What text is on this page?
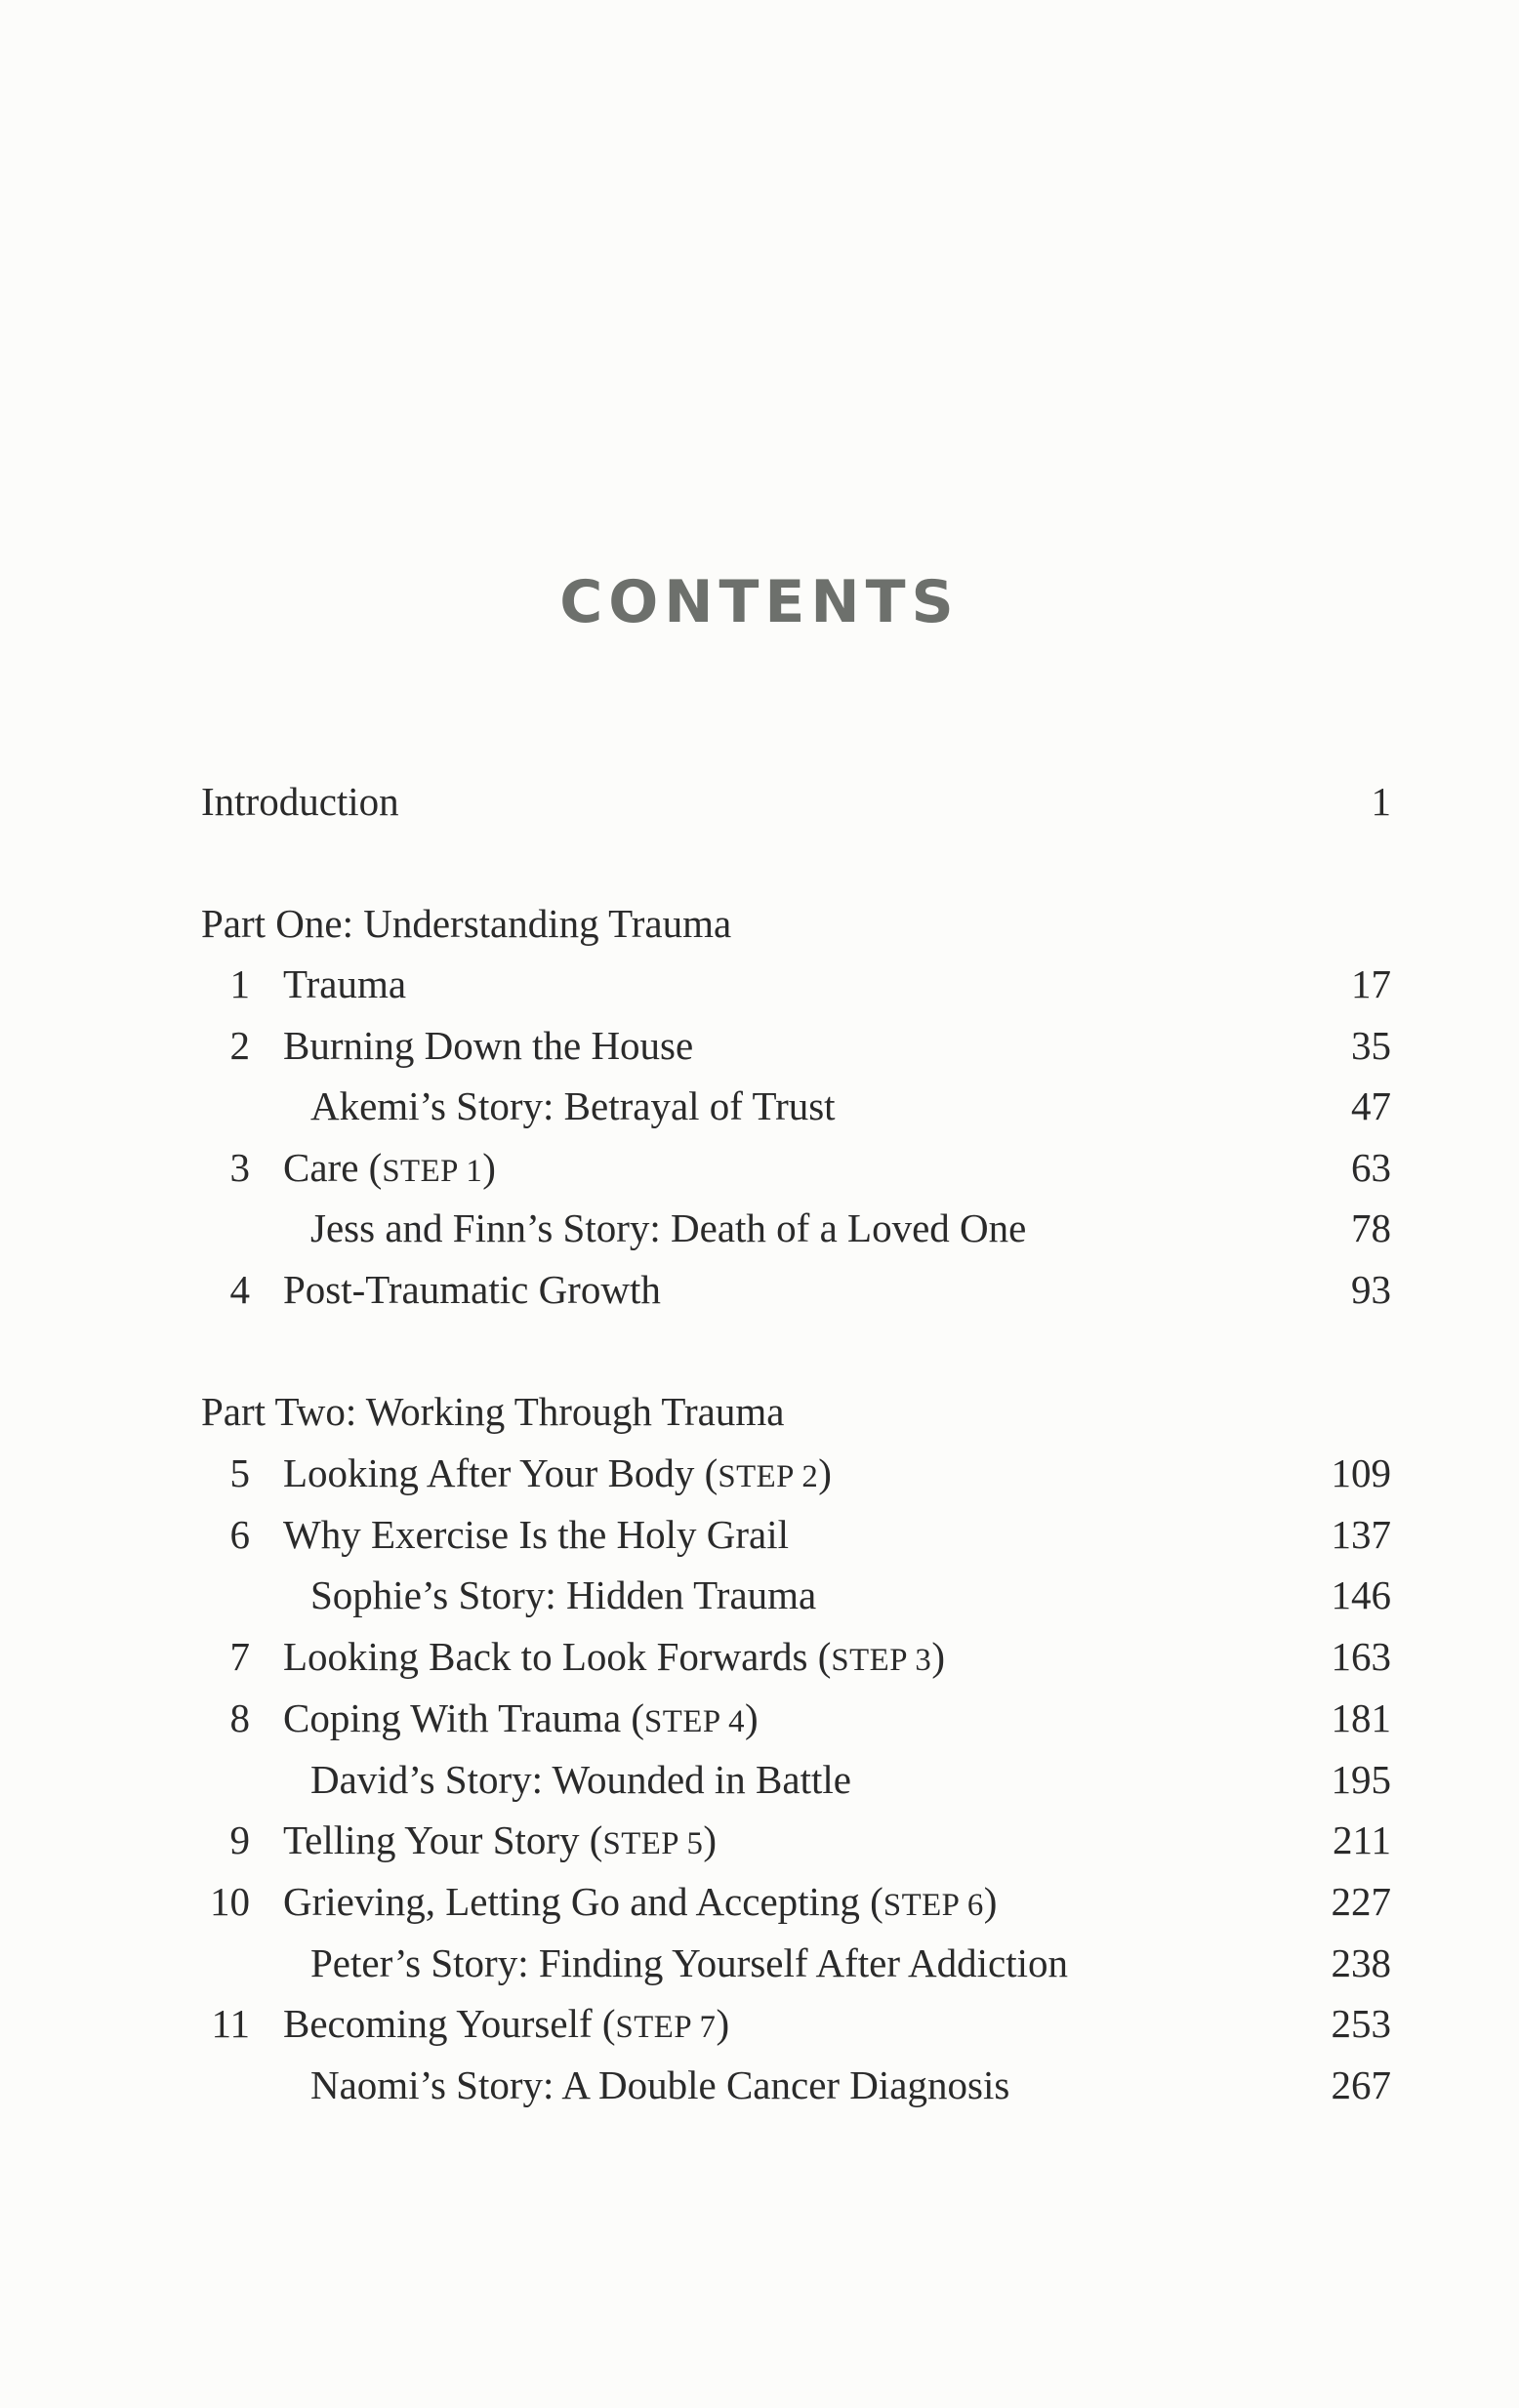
CONTENTS
Introduction	1
Part One: Understanding Trauma
1 Trauma	17
2 Burning Down the House	35
Akemi’s Story: Betrayal of Trust	47
3 Care (STEP 1)	63
Jess and Finn’s Story: Death of a Loved One	78
4 Post-Traumatic Growth	93
Part Two: Working Through Trauma
5 Looking After Your Body (STEP 2)	109
6 Why Exercise Is the Holy Grail	137
Sophie’s Story: Hidden Trauma	146
7 Looking Back to Look Forwards (STEP 3)	163
8 Coping With Trauma (STEP 4)	181
David’s Story: Wounded in Battle	195
9 Telling Your Story (STEP 5)	211
10 Grieving, Letting Go and Accepting (STEP 6)	227
Peter’s Story: Finding Yourself After Addiction	238
11 Becoming Yourself (STEP 7)	253
Naomi’s Story: A Double Cancer Diagnosis	267
